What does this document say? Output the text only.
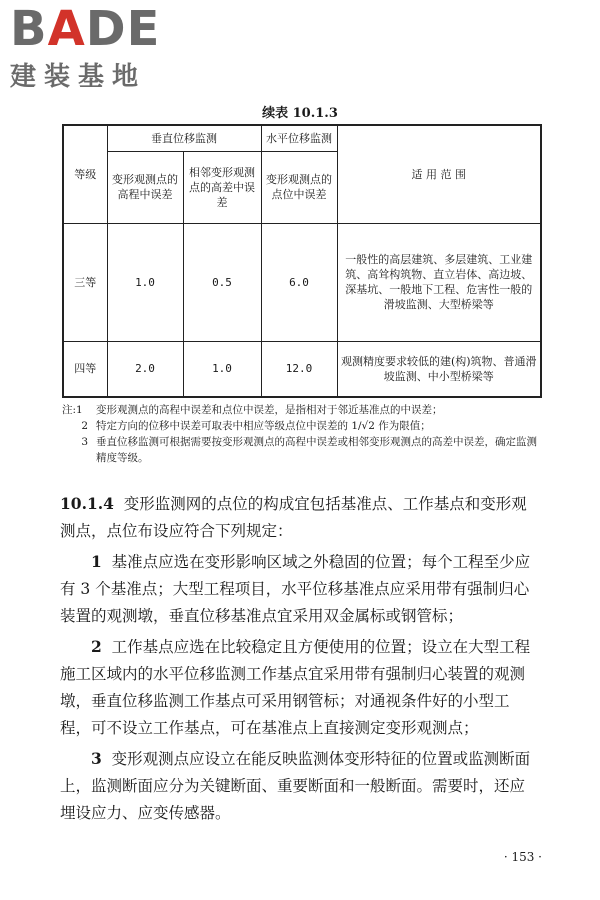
BADE
建装基地
续表 10.1.3
等级	垂直位移监测		水平位移监测	适 用 范 围
	变形观测点的高程中误差	相邻变形观测点的高差中误差	变形观测点的点位中误差	
三等	1.0	0.5	6.0	一般性的高层建筑、多层建筑、工业建筑、高耸构筑物、直立岩体、高边坡、深基坑、一般地下工程、危害性一般的滑坡监测、大型桥梁等
四等	2.0	1.0	12.0	观测精度要求较低的建(构)筑物、普通滑坡监测、中小型桥梁等
注:1	变形观测点的高程中误差和点位中误差，是指相对于邻近基准点的中误差；
2 特定方向的位移中误差可取表中相应等级点位中误差的 1/√2 作为限值；
3 垂直位移监测可根据需要按变形观测点的高程中误差或相邻变形观测点的高差中误差，确定监测精度等级。

10.1.4 变形监测网的点位的构成宜包括基准点、工作基点和变形观测点，点位布设应符合下列规定：

1 基准点应选在变形影响区域之外稳固的位置；每个工程至少应有 3 个基准点；大型工程项目，水平位移基准点应采用带有强制归心装置的观测墩，垂直位移基准点宜采用双金属标或钢管标；

2 工作基点应选在比较稳定且方便使用的位置；设立在大型工程施工区域内的水平位移监测工作基点宜采用带有强制归心装置的观测墩，垂直位移监测工作基点可采用钢管标；对通视条件好的小型工程，可不设立工作基点，可在基准点上直接测定变形观测点；

3 变形观测点应设立在能反映监测体变形特征的位置或监测断面上，监测断面应分为关键断面、重要断面和一般断面。需要时，还应埋设应力、应变传感器。

· 153 ·
